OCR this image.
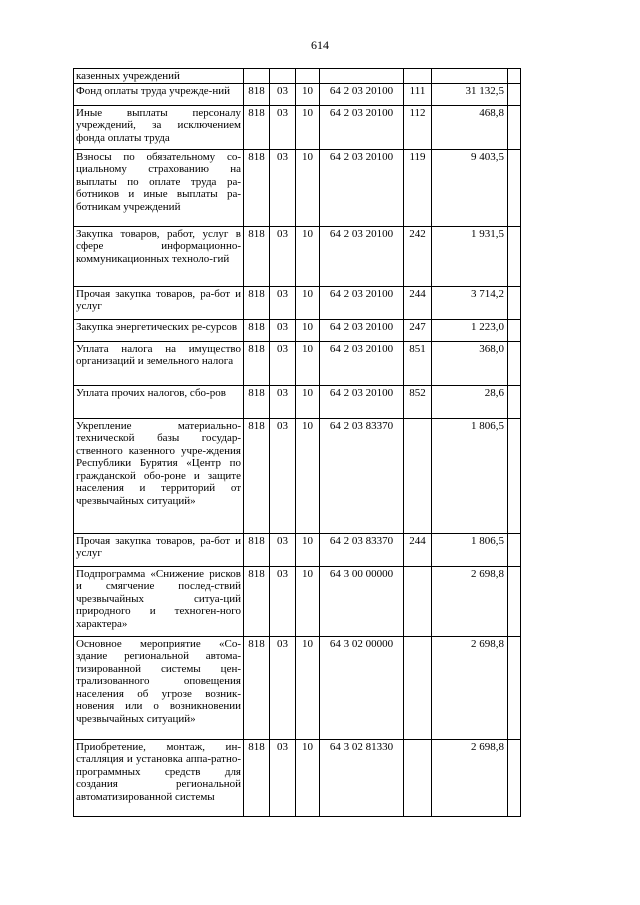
614
казенных учреждений							
Фонд оплаты труда учрежде-ний	818	03	10	64 2 03 20100	111	31 132,5	
Иные выплаты персоналу учреждений, за исключением фонда оплаты труда	818	03	10	64 2 03 20100	112	468,8	
Взносы по обязательному со-циальному страхованию на выплаты по оплате труда ра-ботников и иные выплаты ра-ботникам учреждений	818	03	10	64 2 03 20100	119	9 403,5	
Закупка товаров, работ, услуг в сфере информационно-коммуникационных техноло-гий	818	03	10	64 2 03 20100	242	1 931,5	
Прочая закупка товаров, ра-бот и услуг	818	03	10	64 2 03 20100	244	3 714,2	
Закупка энергетических ре-сурсов	818	03	10	64 2 03 20100	247	1 223,0	
Уплата налога на имущество организаций и земельного налога	818	03	10	64 2 03 20100	851	368,0	
Уплата прочих налогов, сбо-ров	818	03	10	64 2 03 20100	852	28,6	
Укрепление материально-технической базы государ-ственного казенного учре-ждения Республики Бурятия «Центр по гражданской обо-роне и защите населения и территорий от чрезвычайных ситуаций»	818	03	10	64 2 03 83370		1 806,5	
Прочая закупка товаров, ра-бот и услуг	818	03	10	64 2 03 83370	244	1 806,5	
Подпрограмма «Снижение рисков и смягчение послед-ствий чрезвычайных ситуа-ций природного и техноген-ного характера»	818	03	10	64 3 00 00000		2 698,8	
Основное мероприятие «Со-здание региональной автома-тизированной системы цен-трализованного оповещения населения об угрозе возник-новения или о возникновении чрезвычайных ситуаций»	818	03	10	64 3 02 00000		2 698,8	
Приобретение, монтаж, ин-сталляция и установка аппа-ратно-программных средств для создания региональной автоматизированной системы	818	03	10	64 3 02 81330		2 698,8	
